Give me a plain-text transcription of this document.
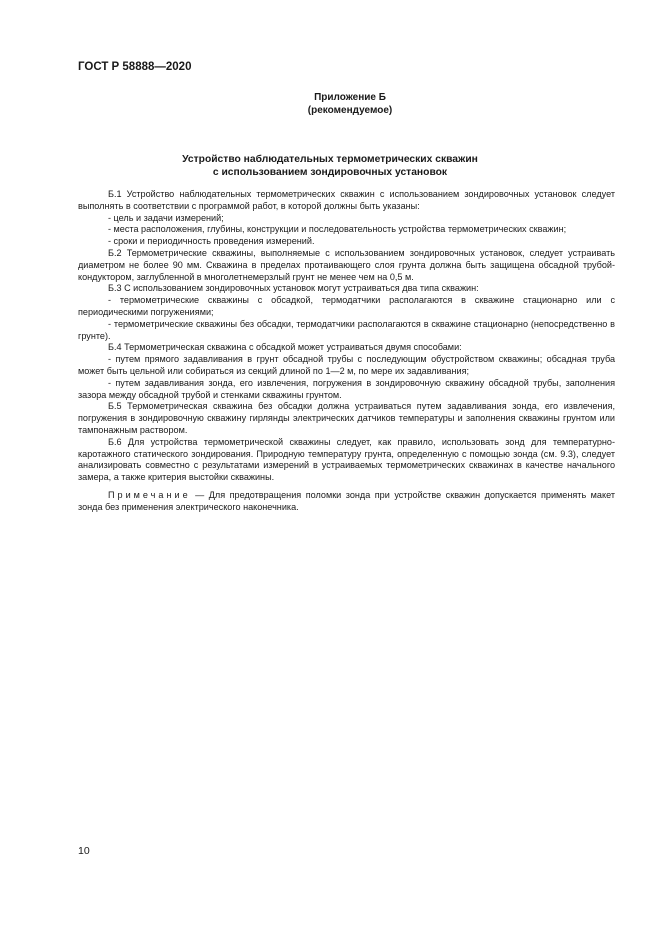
ГОСТ Р 58888—2020
Приложение Б
(рекомендуемое)
Устройство наблюдательных термометрических скважин
с использованием зондировочных установок

Б.1 Устройство наблюдательных термометрических скважин с использованием зондировочных установок следует выполнять в соответствии с программой работ, в которой должны быть указаны:

- цель и задачи измерений;

- места расположения, глубины, конструкции и последовательность устройства термометрических скважин;

- сроки и периодичность проведения измерений.

Б.2 Термометрические скважины, выполняемые с использованием зондировочных установок, следует устраивать диаметром не более 90 мм. Скважина в пределах протаивающего слоя грунта должна быть защищена обсадной трубой-кондуктором, заглубленной в многолетнемерзлый грунт не менее чем на 0,5 м.

Б.3 С использованием зондировочных установок могут устраиваться два типа скважин:

- термометрические скважины с обсадкой, термодатчики располагаются в скважине стационарно или с периодическими погружениями;

- термометрические скважины без обсадки, термодатчики располагаются в скважине стационарно (непосредственно в грунте).

Б.4 Термометрическая скважина с обсадкой может устраиваться двумя способами:

- путем прямого задавливания в грунт обсадной трубы с последующим обустройством скважины; обсадная труба может быть цельной или собираться из секций длиной по 1—2 м, по мере их задавливания;

- путем задавливания зонда, его извлечения, погружения в зондировочную скважину обсадной трубы, заполнения зазора между обсадной трубой и стенками скважины грунтом.

Б.5 Термометрическая скважина без обсадки должна устраиваться путем задавливания зонда, его извлечения, погружения в зондировочную скважину гирлянды электрических датчиков температуры и заполнения скважины грунтом или тампонажным раствором.

Б.6 Для устройства термометрической скважины следует, как правило, использовать зонд для температурно-каротажного статического зондирования. Природную температуру грунта, определенную с помощью зонда (см. 9.3), следует анализировать совместно с результатами измерений в устраиваемых термометрических скважинах в качестве начального замера, а также критерия выстойки скважины.

Примечание — Для предотвращения поломки зонда при устройстве скважин допускается применять макет зонда без применения электрического наконечника.

10
